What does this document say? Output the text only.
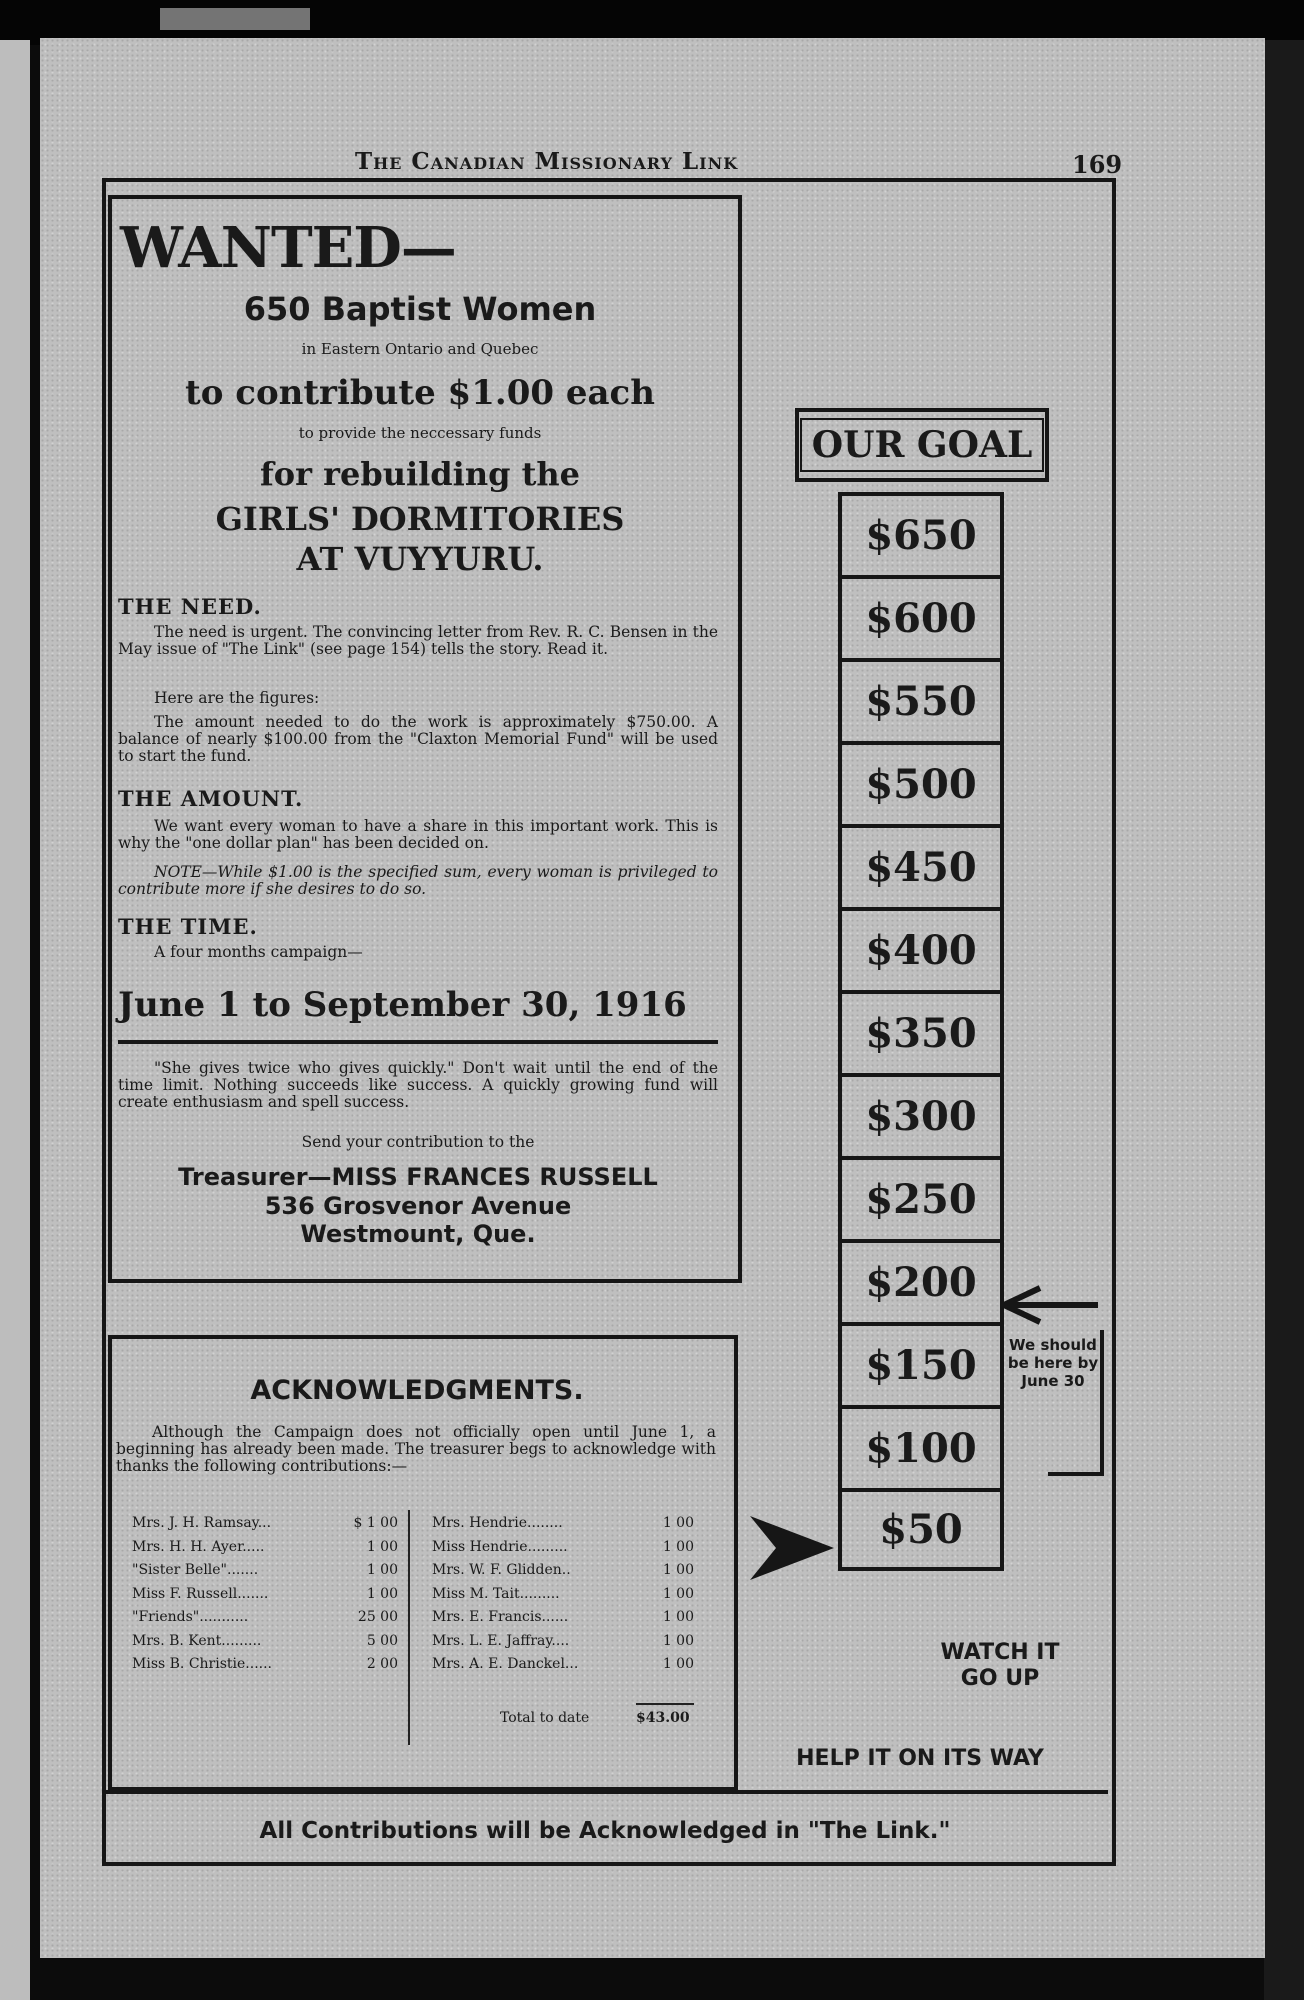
The Canadian Missionary Link	169
WANTED—
650 Baptist Women
in Eastern Ontario and Quebec
to contribute $1.00 each
to provide the neccessary funds
for rebuilding the
GIRLS' DORMITORIES
AT VUYYURU.
THE NEED.
The need is urgent. The convincing letter from Rev. R. C. Bensen in the May issue of "The Link" (see page 154) tells the story. Read it.
Here are the figures:
The amount needed to do the work is approximately $750.00. A balance of nearly $100.00 from the "Claxton Memorial Fund" will be used to start the fund.
THE AMOUNT.
We want every woman to have a share in this important work. This is why the "one dollar plan" has been decided on.
NOTE—While $1.00 is the specified sum, every woman is privileged to contribute more if she desires to do so.
THE TIME.
A four months campaign—
June 1 to September 30, 1916
"She gives twice who gives quickly." Don't wait until the end of the time limit. Nothing succeeds like success. A quickly growing fund will create enthusiasm and spell success.
Send your contribution to the
Treasurer—MISS FRANCES RUSSELL
536 Grosvenor Avenue
Westmount, Que.
ACKNOWLEDGMENTS.
Although the Campaign does not officially open until June 1, a beginning has already been made. The treasurer begs to acknowledge with thanks the following contributions:—
Mrs. J. H. Ramsay...	$ 1 00
Mrs. H. H. Ayer.....	1 00
"Sister Belle".......	1 00
Miss F. Russell.......	1 00
"Friends"...........	25 00
Mrs. B. Kent.........	5 00
Miss B. Christie......	2 00
Mrs. Hendrie........	1 00
Miss Hendrie.........	1 00
Mrs. W. F. Glidden..	1 00
Miss M. Tait.........	1 00
Mrs. E. Francis......	1 00
Mrs. L. E. Jaffray....	1 00
Mrs. A. E. Danckel...	1 00
Total to date	$43.00
OUR GOAL
$650
$600
$550
$500
$450
$400
$350
$300
$250
$200
$150
$100
$50
We should be here by June 30
WATCH IT GO UP
HELP IT ON ITS WAY
All Contributions will be Acknowledged in "The Link."
